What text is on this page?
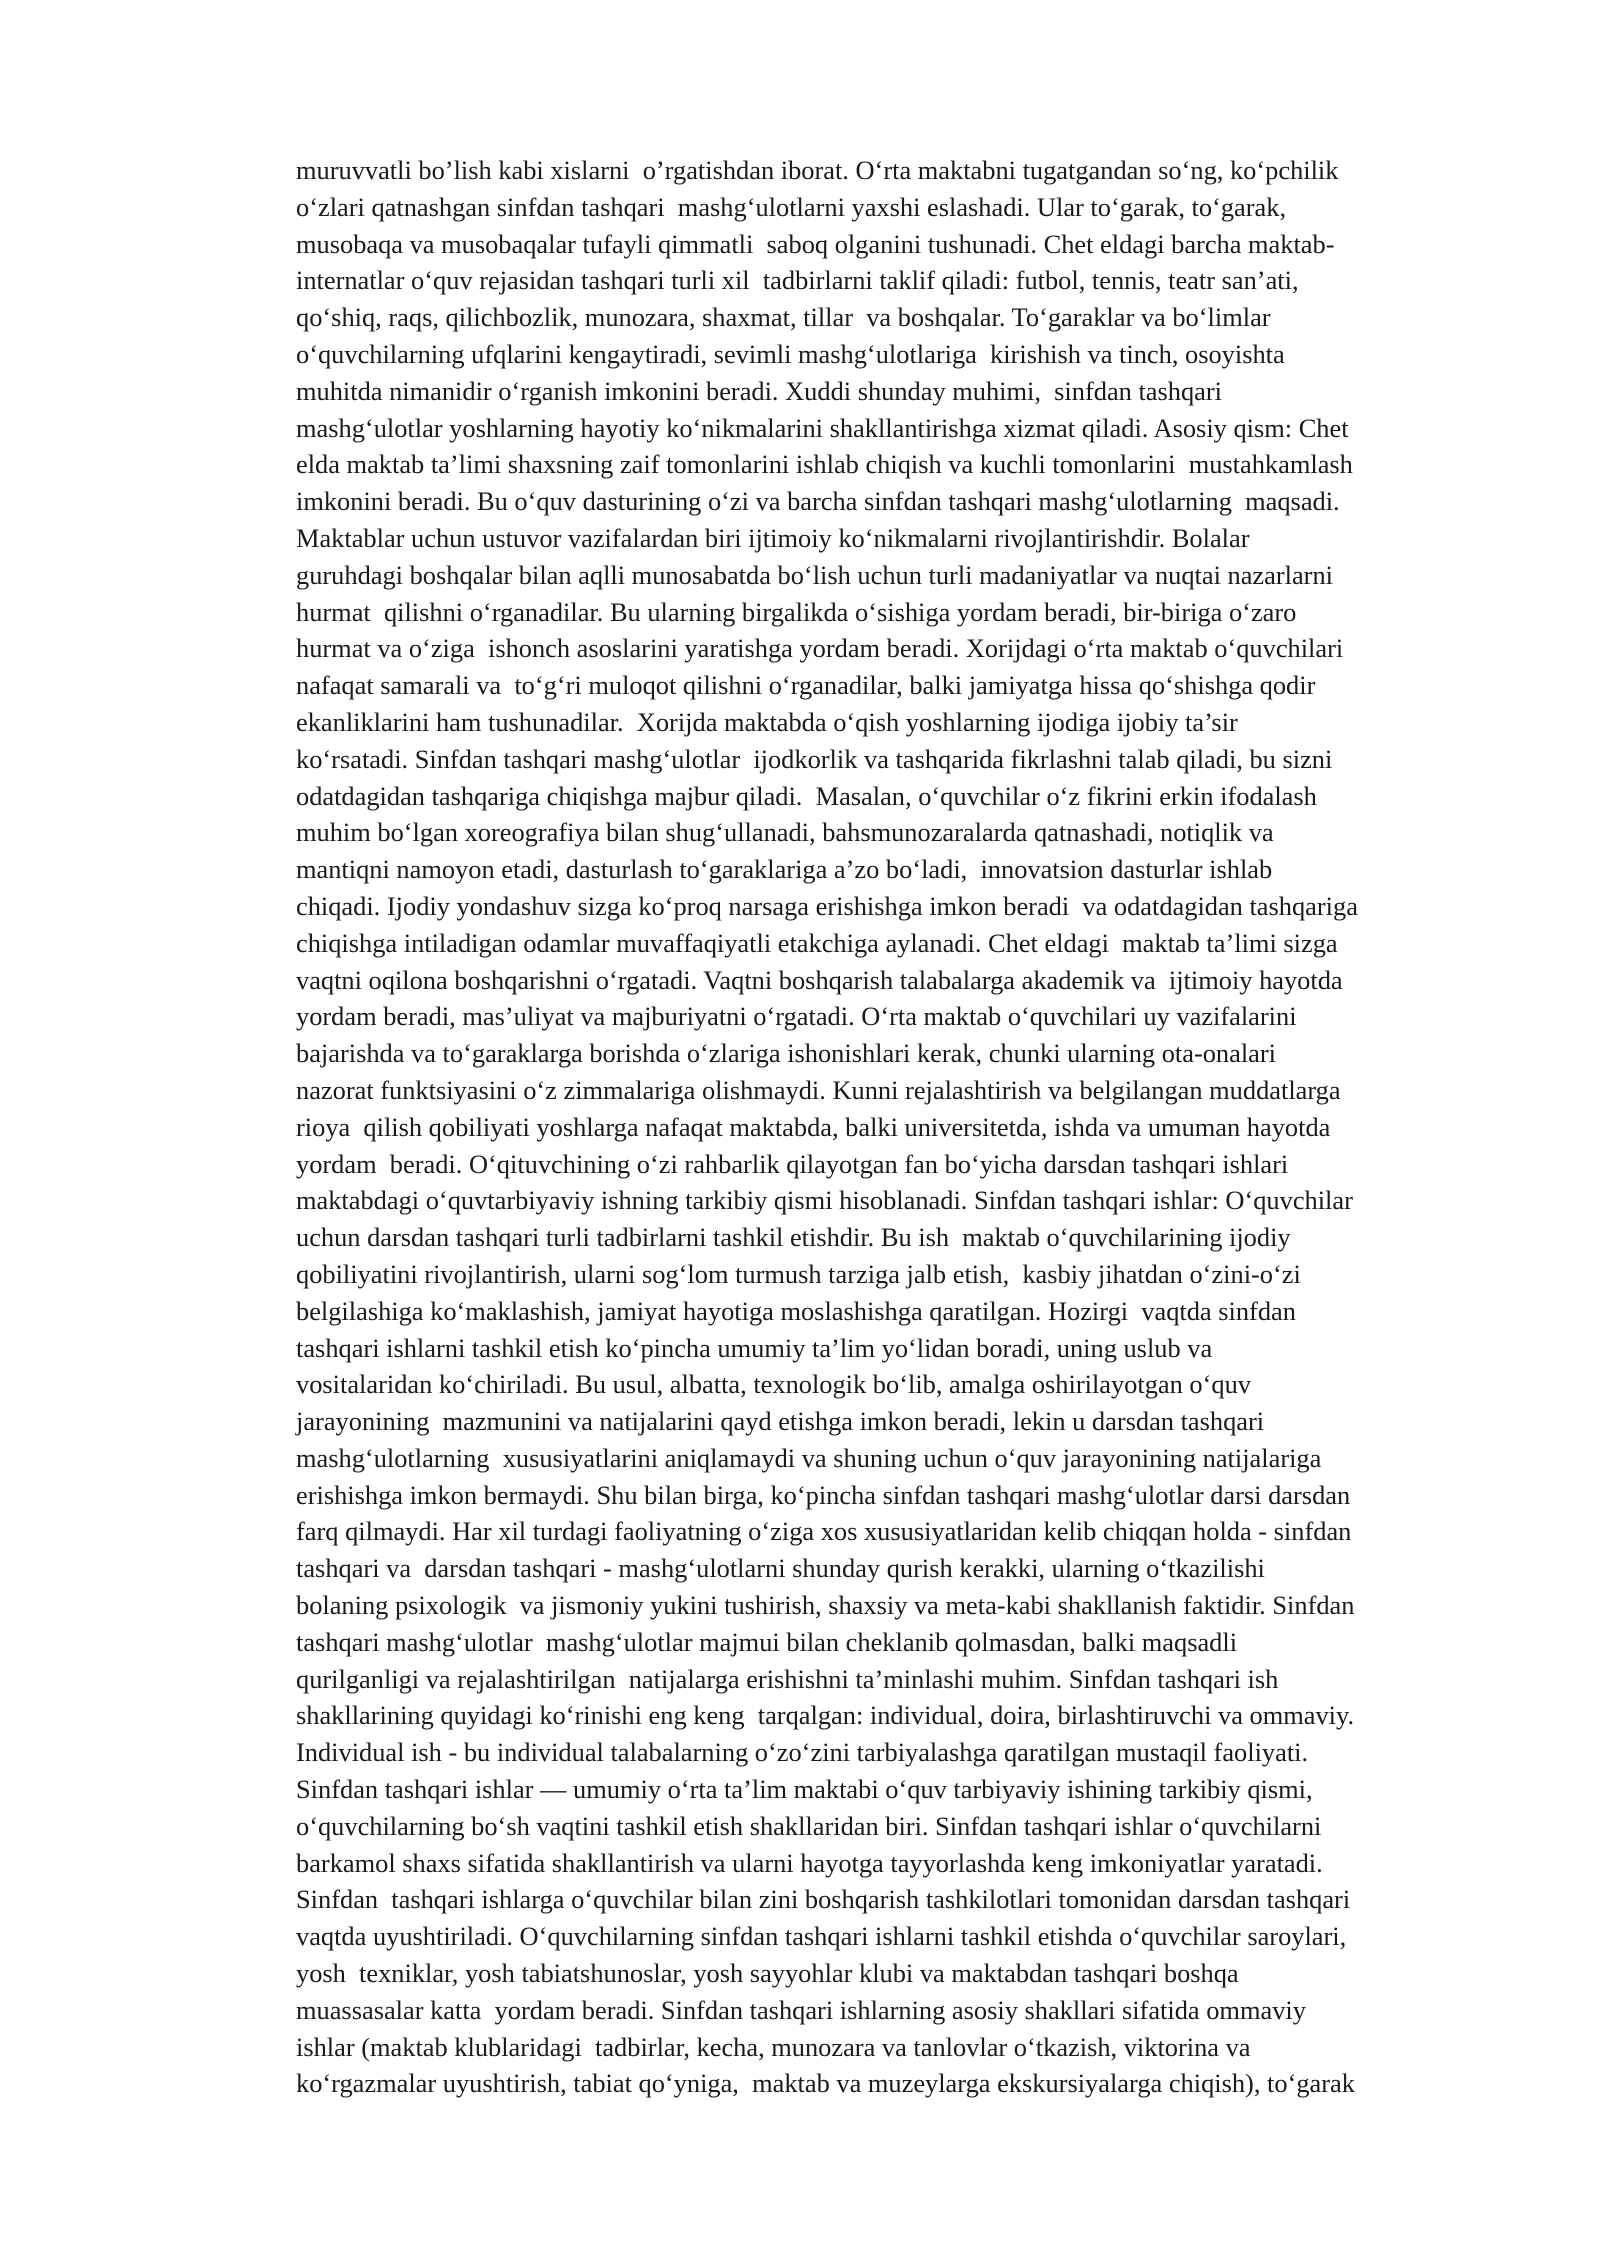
muruvvatli bo’lish kabi xislarni  o’rgatishdan iborat. O‘rta maktabni tugatgandan so‘ng, ko‘pchilik
o‘zlari qatnashgan sinfdan tashqari  mashg‘ulotlarni yaxshi eslashadi. Ular to‘garak, to‘garak,
musobaqa va musobaqalar tufayli qimmatli  saboq olganini tushunadi. Chet eldagi barcha maktab-
internatlar o‘quv rejasidan tashqari turli xil  tadbirlarni taklif qiladi: futbol, tennis, teatr san’ati,
qo‘shiq, raqs, qilichbozlik, munozara, shaxmat, tillar  va boshqalar. To‘garaklar va bo‘limlar
o‘quvchilarning ufqlarini kengaytiradi, sevimli mashg‘ulotlariga  kirishish va tinch, osoyishta
muhitda nimanidir o‘rganish imkonini beradi. Xuddi shunday muhimi,  sinfdan tashqari
mashg‘ulotlar yoshlarning hayotiy ko‘nikmalarini shakllantirishga xizmat qiladi. Asosiy qism: Chet
elda maktab ta’limi shaxsning zaif tomonlarini ishlab chiqish va kuchli tomonlarini  mustahkamlash
imkonini beradi. Bu o‘quv dasturining o‘zi va barcha sinfdan tashqari mashg‘ulotlarning  maqsadi.
Maktablar uchun ustuvor vazifalardan biri ijtimoiy ko‘nikmalarni rivojlantirishdir. Bolalar
guruhdagi boshqalar bilan aqlli munosabatda bo‘lish uchun turli madaniyatlar va nuqtai nazarlarni
hurmat  qilishni o‘rganadilar. Bu ularning birgalikda o‘sishiga yordam beradi, bir-biriga o‘zaro
hurmat va o‘ziga  ishonch asoslarini yaratishga yordam beradi. Xorijdagi o‘rta maktab o‘quvchilari
nafaqat samarali va  to‘g‘ri muloqot qilishni o‘rganadilar, balki jamiyatga hissa qo‘shishga qodir
ekanliklarini ham tushunadilar.  Xorijda maktabda o‘qish yoshlarning ijodiga ijobiy ta’sir
ko‘rsatadi. Sinfdan tashqari mashg‘ulotlar  ijodkorlik va tashqarida fikrlashni talab qiladi, bu sizni
odatdagidan tashqariga chiqishga majbur qiladi.  Masalan, o‘quvchilar o‘z fikrini erkin ifodalash
muhim bo‘lgan xoreografiya bilan shug‘ullanadi, bahsmunozaralarda qatnashadi, notiqlik va
mantiqni namoyon etadi, dasturlash to‘garaklariga a’zo bo‘ladi,  innovatsion dasturlar ishlab
chiqadi. Ijodiy yondashuv sizga ko‘proq narsaga erishishga imkon beradi  va odatdagidan tashqariga
chiqishga intiladigan odamlar muvaffaqiyatli etakchiga aylanadi. Chet eldagi  maktab ta’limi sizga
vaqtni oqilona boshqarishni o‘rgatadi. Vaqtni boshqarish talabalarga akademik va  ijtimoiy hayotda
yordam beradi, mas’uliyat va majburiyatni o‘rgatadi. O‘rta maktab o‘quvchilari uy vazifalarini
bajarishda va to‘garaklarga borishda o‘zlariga ishonishlari kerak, chunki ularning ota-onalari
nazorat funktsiyasini o‘z zimmalariga olishmaydi. Kunni rejalashtirish va belgilangan muddatlarga
rioya  qilish qobiliyati yoshlarga nafaqat maktabda, balki universitetda, ishda va umuman hayotda
yordam  beradi. O‘qituvchining o‘zi rahbarlik qilayotgan fan bo‘yicha darsdan tashqari ishlari
maktabdagi o‘quvtarbiyaviy ishning tarkibiy qismi hisoblanadi. Sinfdan tashqari ishlar: O‘quvchilar
uchun darsdan tashqari turli tadbirlarni tashkil etishdir. Bu ish  maktab o‘quvchilarining ijodiy
qobiliyatini rivojlantirish, ularni sog‘lom turmush tarziga jalb etish,  kasbiy jihatdan o‘zini-o‘zi
belgilashiga ko‘maklashish, jamiyat hayotiga moslashishga qaratilgan. Hozirgi  vaqtda sinfdan
tashqari ishlarni tashkil etish ko‘pincha umumiy ta’lim yo‘lidan boradi, uning uslub va
vositalaridan ko‘chiriladi. Bu usul, albatta, texnologik bo‘lib, amalga oshirilayotgan o‘quv
jarayonining  mazmunini va natijalarini qayd etishga imkon beradi, lekin u darsdan tashqari
mashg‘ulotlarning  xususiyatlarini aniqlamaydi va shuning uchun o‘quv jarayonining natijalariga
erishishga imkon bermaydi. Shu bilan birga, ko‘pincha sinfdan tashqari mashg‘ulotlar darsi darsdan
farq qilmaydi. Har xil turdagi faoliyatning o‘ziga xos xususiyatlaridan kelib chiqqan holda - sinfdan
tashqari va  darsdan tashqari - mashg‘ulotlarni shunday qurish kerakki, ularning o‘tkazilishi
bolaning psixologik  va jismoniy yukini tushirish, shaxsiy va meta-kabi shakllanish faktidir. Sinfdan
tashqari mashg‘ulotlar  mashg‘ulotlar majmui bilan cheklanib qolmasdan, balki maqsadli
qurilganligi va rejalashtirilgan  natijalarga erishishni ta’minlashi muhim. Sinfdan tashqari ish
shakllarining quyidagi ko‘rinishi eng keng  tarqalgan: individual, doira, birlashtiruvchi va ommaviy.
Individual ish - bu individual talabalarning o‘zo‘zini tarbiyalashga qaratilgan mustaqil faoliyati.
Sinfdan tashqari ishlar — umumiy o‘rta ta’lim maktabi o‘quv tarbiyaviy ishining tarkibiy qismi,
o‘quvchilarning bo‘sh vaqtini tashkil etish shakllaridan biri. Sinfdan tashqari ishlar o‘quvchilarni
barkamol shaxs sifatida shakllantirish va ularni hayotga tayyorlashda keng imkoniyatlar yaratadi.
Sinfdan  tashqari ishlarga o‘quvchilar bilan zini boshqarish tashkilotlari tomonidan darsdan tashqari
vaqtda uyushtiriladi. O‘quvchilarning sinfdan tashqari ishlarni tashkil etishda o‘quvchilar saroylari,
yosh  texniklar, yosh tabiatshunoslar, yosh sayyohlar klubi va maktabdan tashqari boshqa
muassasalar katta  yordam beradi. Sinfdan tashqari ishlarning asosiy shakllari sifatida ommaviy
ishlar (maktab klublaridagi  tadbirlar, kecha, munozara va tanlovlar o‘tkazish, viktorina va
ko‘rgazmalar uyushtirish, tabiat qo‘yniga,  maktab va muzeylarga ekskursiyalarga chiqish), to‘garak
